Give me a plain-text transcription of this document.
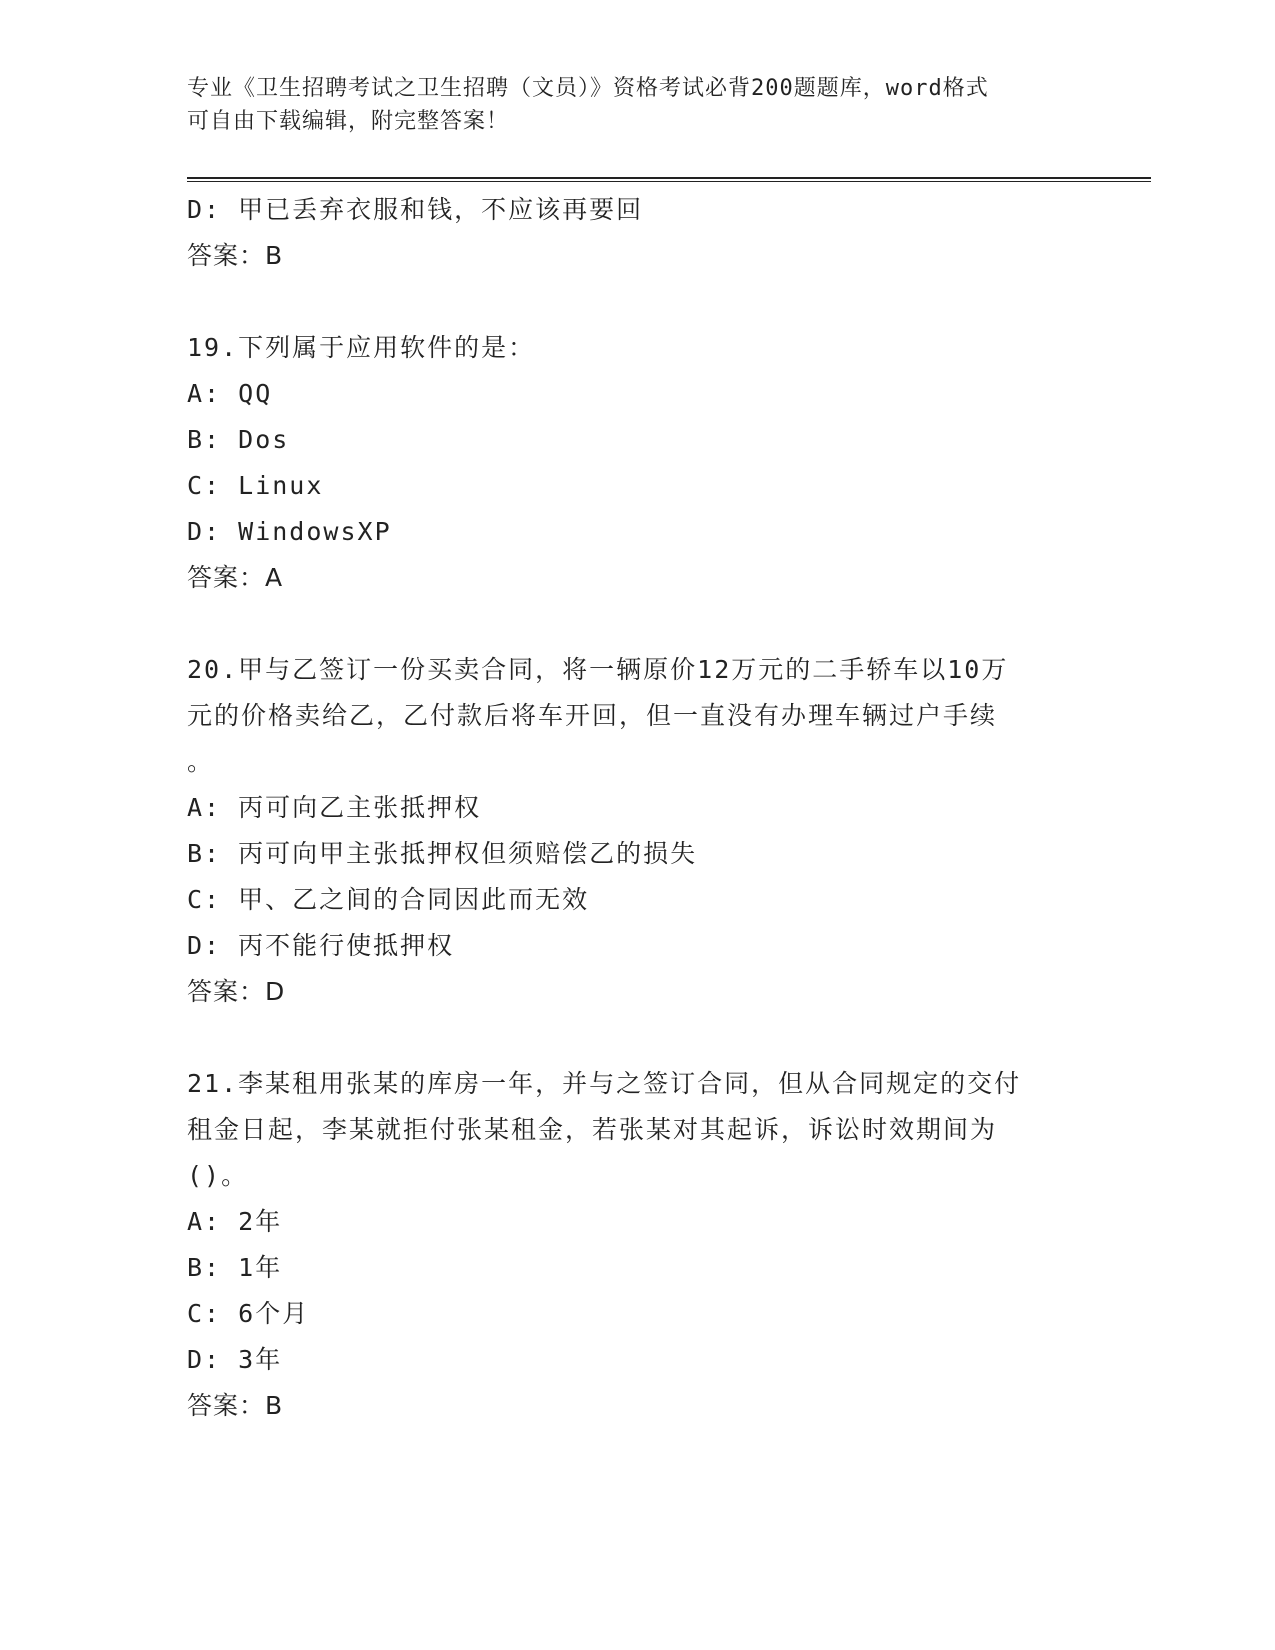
专业《卫生招聘考试之卫生招聘（文员）》资格考试必背200题题库，word格式
可自由下载编辑，附完整答案！
D: 甲已丢弃衣服和钱，不应该再要回
答案：B
19.下列属于应用软件的是：
A: QQ
B: Dos
C: Linux
D: WindowsXP
答案：A
20.甲与乙签订一份买卖合同，将一辆原价12万元的二手轿车以10万
元的价格卖给乙，乙付款后将车开回，但一直没有办理车辆过户手续
。
A: 丙可向乙主张抵押权
B: 丙可向甲主张抵押权但须赔偿乙的损失
C: 甲、乙之间的合同因此而无效
D: 丙不能行使抵押权
答案：D
21.李某租用张某的库房一年，并与之签订合同，但从合同规定的交付
租金日起，李某就拒付张某租金，若张某对其起诉，诉讼时效期间为
()。
A: 2年
B: 1年
C: 6个月
D: 3年
答案：B
